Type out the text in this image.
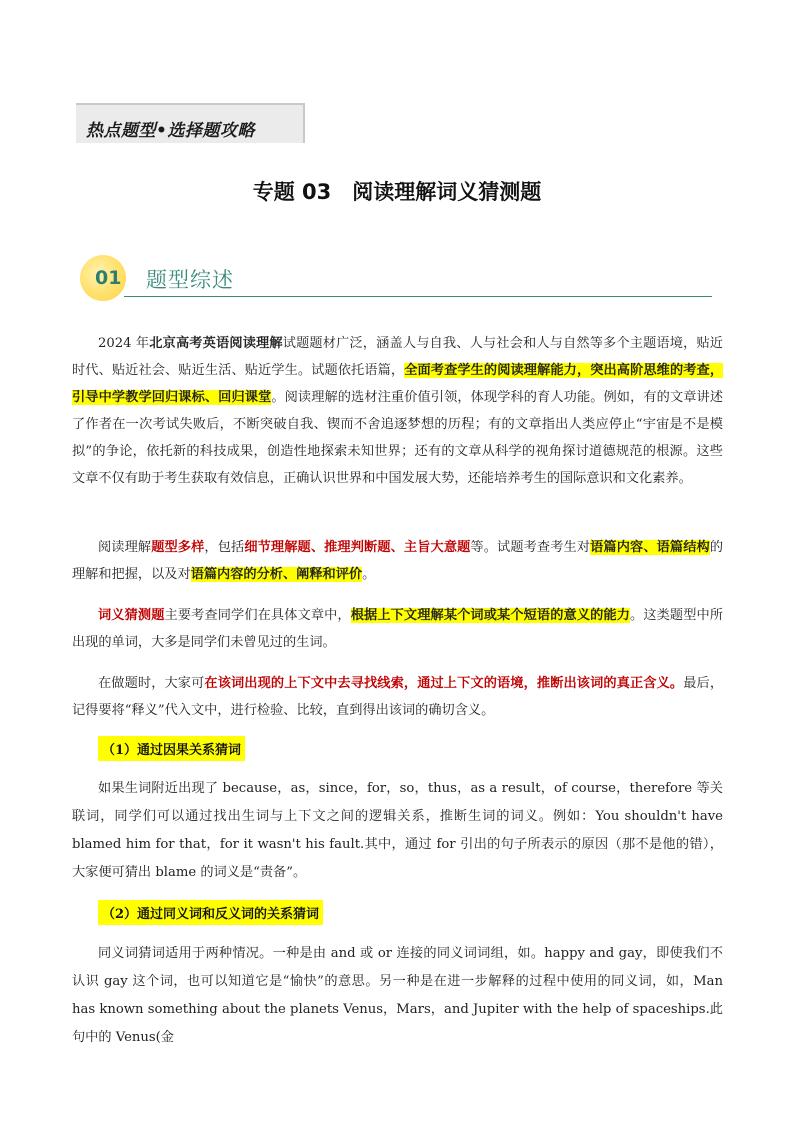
热点题型•选择题攻略
专题 03　阅读理解词义猜测题
01 题型综述
2024 年北京高考英语阅读理解试题题材广泛，涵盖人与自我、人与社会和人与自然等多个主题语境，贴近时代、贴近社会、贴近生活、贴近学生。试题依托语篇，全面考查学生的阅读理解能力，突出高阶思维的考查，引导中学教学回归课标、回归课堂。阅读理解的选材注重价值引领，体现学科的育人功能。例如，有的文章讲述了作者在一次考试失败后，不断突破自我、锲而不舍追逐梦想的历程；有的文章指出人类应停止“宇宙是不是模拟”的争论，依托新的科技成果，创造性地探索未知世界；还有的文章从科学的视角探讨道德规范的根源。这些文章不仅有助于考生获取有效信息，正确认识世界和中国发展大势，还能培养考生的国际意识和文化素养。
阅读理解题型多样，包括细节理解题、推理判断题、主旨大意题等。试题考查考生对语篇内容、语篇结构的理解和把握，以及对语篇内容的分析、阐释和评价。
词义猜测题主要考查同学们在具体文章中，根据上下文理解某个词或某个短语的意义的能力。这类题型中所出现的单词，大多是同学们未曾见过的生词。
在做题时，大家可在该词出现的上下文中去寻找线索，通过上下文的语境，推断出该词的真正含义。最后，记得要将“释义”代入文中，进行检验、比较，直到得出该词的确切含义。
（1）通过因果关系猜词
如果生词附近出现了 because，as，since，for，so，thus，as a result，of course，therefore 等关联词，同学们可以通过找出生词与上下文之间的逻辑关系，推断生词的词义。例如：You shouldn't have blamed him for that，for it wasn't his fault.其中，通过 for 引出的句子所表示的原因（那不是他的错），大家便可猜出 blame 的词义是“责备”。
（2）通过同义词和反义词的关系猜词
同义词猜词适用于两种情况。一种是由 and 或 or 连接的同义词词组，如。happy and gay，即使我们不认识 gay 这个词，也可以知道它是“愉快”的意思。另一种是在进一步解释的过程中使用的同义词，如，Man has known something about the planets Venus，Mars，and Jupiter with the help of spaceships.此句中的 Venus(金
